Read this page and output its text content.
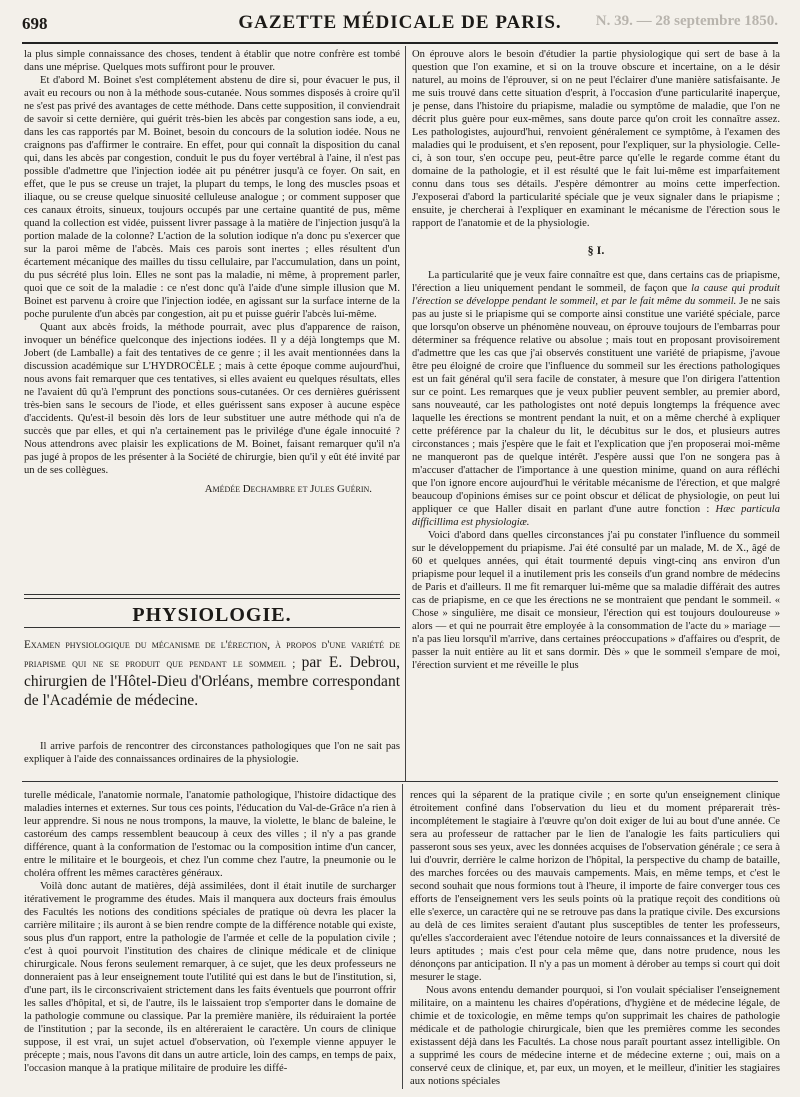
698	GAZETTE MÉDICALE DE PARIS.	N. 39. — 28 septembre 1850.

la plus simple connaissance des choses, tendent à établir que notre confrère est tombé dans une méprise. Quelques mots suffiront pour le prouver.

Et d'abord M. Boinet s'est complétement abstenu de dire si, pour évacuer le pus, il avait eu recours ou non à la méthode sous-cutanée. Nous sommes disposés à croire qu'il ne s'est pas privé des avantages de cette méthode. Dans cette supposition, il conviendrait de savoir si cette dernière, qui guérit très-bien les abcès par congestion sans iode, a eu, dans les cas rapportés par M. Boinet, besoin du concours de la solution iodée. Nous ne craignons pas d'affirmer le contraire. En effet, pour qui connaît la disposition du canal qui, dans les abcès par congestion, conduit le pus du foyer vertébral à l'aine, il n'est pas possible d'admettre que l'injection iodée ait pu pénétrer jusqu'à ce foyer. On sait, en effet, que le pus se creuse un trajet, la plupart du temps, le long des muscles psoas et iliaque, ou se creuse quelque sinuosité celluleuse analogue ; or comment supposer que ces canaux étroits, sinueux, toujours occupés par une certaine quantité de pus, même quand la collection est vidée, puissent livrer passage à la matière de l'injection jusqu'à la portion malade de la colonne? L'action de la solution iodique n'a donc pu s'exercer que sur la paroi même de l'abcès. Mais ces parois sont inertes ; elles résultent d'un écartement mécanique des mailles du tissu cellulaire, par l'accumulation, dans un point, du pus sécrété plus loin. Elles ne sont pas la maladie, ni même, à proprement parler, quoi que ce soit de la maladie : ce n'est donc qu'à l'aide d'une simple illusion que M. Boinet est parvenu à croire que l'injection iodée, en agissant sur la surface interne de la poche purulente d'un abcès par congestion, ait pu et puisse guérir l'abcès lui-même.

Quant aux abcès froids, la méthode pourrait, avec plus d'apparence de raison, invoquer un bénéfice quelconque des injections iodées. Il y a déjà longtemps que M. Jobert (de Lamballe) a fait des tentatives de ce genre ; il les avait mentionnées dans la discussion académique sur L'HYDROCÈLE ; mais à cette époque comme aujourd'hui, nous avons fait remarquer que ces tentatives, si elles avaient eu quelques résultats, elles ne l'avaient dû qu'à l'emprunt des ponctions sous-cutanées. Or ces dernières guérissent très-bien sans le secours de l'iode, et elles guérissent sans exposer à aucune espèce d'accidents. Qu'est-il besoin dès lors de leur substituer une autre méthode qui n'a de succès que par elles, et qui n'a certainement pas le privilége d'une égale innocuité ? Nous attendrons avec plaisir les explications de M. Boinet, faisant remarquer qu'il n'a pas jugé à propos de les présenter à la Société de chirurgie, bien qu'il y eût été invité par un de ses collègues.

Amédée Dechambre et Jules Guérin.
PHYSIOLOGIE.
Examen physiologique du mécanisme de l'érection, à propos d'une variété de priapisme qui ne se produit que pendant le sommeil ; par E. Debrou, chirurgien de l'Hôtel-Dieu d'Orléans, membre correspondant de l'Académie de médecine.

Il arrive parfois de rencontrer des circonstances pathologiques que l'on ne sait pas expliquer à l'aide des connaissances ordinaires de la physiologie.

On éprouve alors le besoin d'étudier la partie physiologique qui sert de base à la question que l'on examine, et si on la trouve obscure et incertaine, on a le désir naturel, au moins de l'éprouver, si on ne peut l'éclairer d'une manière satisfaisante. Je me suis trouvé dans cette situation d'esprit, à l'occasion d'une particularité inaperçue, je pense, dans l'histoire du priapisme, maladie ou symptôme de maladie, que l'on ne décrit plus guère pour eux-mêmes, sans doute parce qu'on croit les connaître assez. Les pathologistes, aujourd'hui, renvoient généralement ce symptôme, à l'examen des maladies qui le produisent, et s'en reposent, pour l'expliquer, sur la physiologie. Celle-ci, à son tour, s'en occupe peu, peut-être parce qu'elle le regarde comme étant du domaine de la pathologie, et il est résulté que le fait lui-même est imparfaitement connu dans tous ses détails. J'espère démontrer au moins cette imperfection. J'exposerai d'abord la particularité spéciale que je veux signaler dans le priapisme ; ensuite, je chercherai à l'expliquer en examinant le mécanisme de l'érection sous le rapport de l'anatomie et de la physiologie.

§ I.

La particularité que je veux faire connaître est que, dans certains cas de priapisme, l'érection a lieu uniquement pendant le sommeil, de façon que la cause qui produit l'érection se développe pendant le sommeil, et par le fait même du sommeil. Je ne sais pas au juste si le priapisme qui se comporte ainsi constitue une variété spéciale, parce que lorsqu'on observe un phénomène nouveau, on éprouve toujours de l'embarras pour déterminer sa fréquence relative ou absolue ; mais tout en proposant provisoirement d'admettre que les cas que j'ai observés constituent une variété de priapisme, j'avoue être peu éloigné de croire que l'influence du sommeil sur les érections pathologiques est un fait général qu'il sera facile de constater, à mesure que l'on dirigera l'attention sur ce point. Les remarques que je veux publier peuvent sembler, au premier abord, sans nouveauté, car les pathologistes ont noté depuis longtemps la fréquence avec laquelle les érections se montrent pendant la nuit, et on a même cherché à expliquer cette préférence par la chaleur du lit, le décubitus sur le dos, et plusieurs autres circonstances ; mais j'espère que le fait et l'explication que j'en proposerai moi-même ne manqueront pas de quelque intérêt. J'espère aussi que l'on ne songera pas à m'accuser d'attacher de l'importance à une question minime, quand on aura réfléchi que l'on ignore encore aujourd'hui le véritable mécanisme de l'érection, et que malgré beaucoup d'opinions émises sur ce point obscur et délicat de physiologie, on peut lui appliquer ce que Haller disait en parlant d'une autre fonction : Hæc particula difficillima est physiologiæ.

Voici d'abord dans quelles circonstances j'ai pu constater l'influence du sommeil sur le développement du priapisme. J'ai été consulté par un malade, M. de X., âgé de 60 et quelques années, qui était tourmenté depuis vingt-cinq ans environ d'un priapisme pour lequel il a inutilement pris les conseils d'un grand nombre de médecins de Paris et d'ailleurs. Il me fit remarquer lui-même que sa maladie différait des autres cas de priapisme, en ce que les érections ne se montraient que pendant le sommeil. « Chose » singulière, me disait ce monsieur, l'érection qui est toujours douloureuse » alors — et qui ne pourrait être employée à la consommation de l'acte du » mariage — n'a pas lieu lorsqu'il m'arrive, dans certaines préoccupations » d'affaires ou d'esprit, de passer la nuit entière au lit et sans dormir. Dès » que le sommeil s'empare de moi, l'érection survient et me réveille le plus

turelle médicale, l'anatomie normale, l'anatomie pathologique, l'histoire didactique des maladies internes et externes. Sur tous ces points, l'éducation du Val-de-Grâce n'a rien à leur apprendre. Si nous ne nous trompons, la mauve, la violette, le blanc de baleine, le castoréum des camps ressemblent beaucoup à ceux des villes ; il n'y a pas grande différence, quant à la conformation de l'estomac ou la composition intime d'un cancer, entre le militaire et le bourgeois, et chez l'un comme chez l'autre, la pneumonie ou le choléra offrent les mêmes caractères généraux.

Voilà donc autant de matières, déjà assimilées, dont il était inutile de surcharger itérativement le programme des études. Mais il manquera aux docteurs frais émoulus des Facultés les notions des conditions spéciales de pratique où devra les placer la carrière militaire ; ils auront à se bien rendre compte de la différence notable qui existe, sous plus d'un rapport, entre la pathologie de l'armée et celle de la population civile ; c'est à quoi pourvoit l'institution des chaires de clinique médicale et de clinique chirurgicale. Nous ferons seulement remarquer, à ce sujet, que les deux professeurs ne donneraient pas à leur enseignement toute l'utilité qui est dans le but de l'institution, si, d'une part, ils le circonscrivaient strictement dans les faits éventuels que pourront offrir les salles d'hôpital, et si, de l'autre, ils le laissaient trop s'emporter dans le domaine de la pathologie commune ou classique. Par la première manière, ils réduiraient la portée de l'institution ; par la seconde, ils en altéreraient le caractère. Un cours de clinique suppose, il est vrai, un sujet actuel d'observation, où l'exemple vienne appuyer le précepte ; mais, nous l'avons dit dans un autre article, loin des camps, en temps de paix, l'occasion manque à la pratique militaire de produire les diffé-

rences qui la séparent de la pratique civile ; en sorte qu'un enseignement clinique étroitement confiné dans l'observation du lieu et du moment préparerait très-incomplétement le stagiaire à l'œuvre qu'on doit exiger de lui au bout d'une année. Ce sera au professeur de rattacher par le lien de l'analogie les faits particuliers qui passeront sous ses yeux, avec les données acquises de l'observation générale ; ce sera à lui d'ouvrir, derrière le calme horizon de l'hôpital, la perspective du champ de bataille, des marches forcées ou des mauvais campements. Mais, en même temps, et c'est le second souhait que nous formions tout à l'heure, il importe de faire converger tous ces efforts de l'enseignement vers les seuls points où la pratique reçoit des conditions où elle s'exerce, un caractère qui ne se retrouve pas dans la pratique civile. Des excursions au delà de ces limites seraient d'autant plus susceptibles de tenter les professeurs, qu'elles s'accorderaient avec l'étendue notoire de leurs connaissances et la diversité de leurs aptitudes ; mais c'est pour cela même que, dans notre prudence, nous les dénonçons par anticipation. Il n'y a pas un moment à dérober au temps si court qui doit mesurer le stage.

Nous avons entendu demander pourquoi, si l'on voulait spécialiser l'enseignement militaire, on a maintenu les chaires d'opérations, d'hygiène et de médecine légale, de chimie et de toxicologie, en même temps qu'on supprimait les chaires de pathologie médicale et de pathologie chirurgicale, bien que les premières comme les secondes existassent déjà dans les Facultés. La chose nous paraît pourtant assez intelligible. On a supprimé les cours de médecine interne et de médecine externe ; oui, mais on a conservé ceux de clinique, et, par eux, un moyen, et le meilleur, d'initier les stagiaires aux notions spéciales
